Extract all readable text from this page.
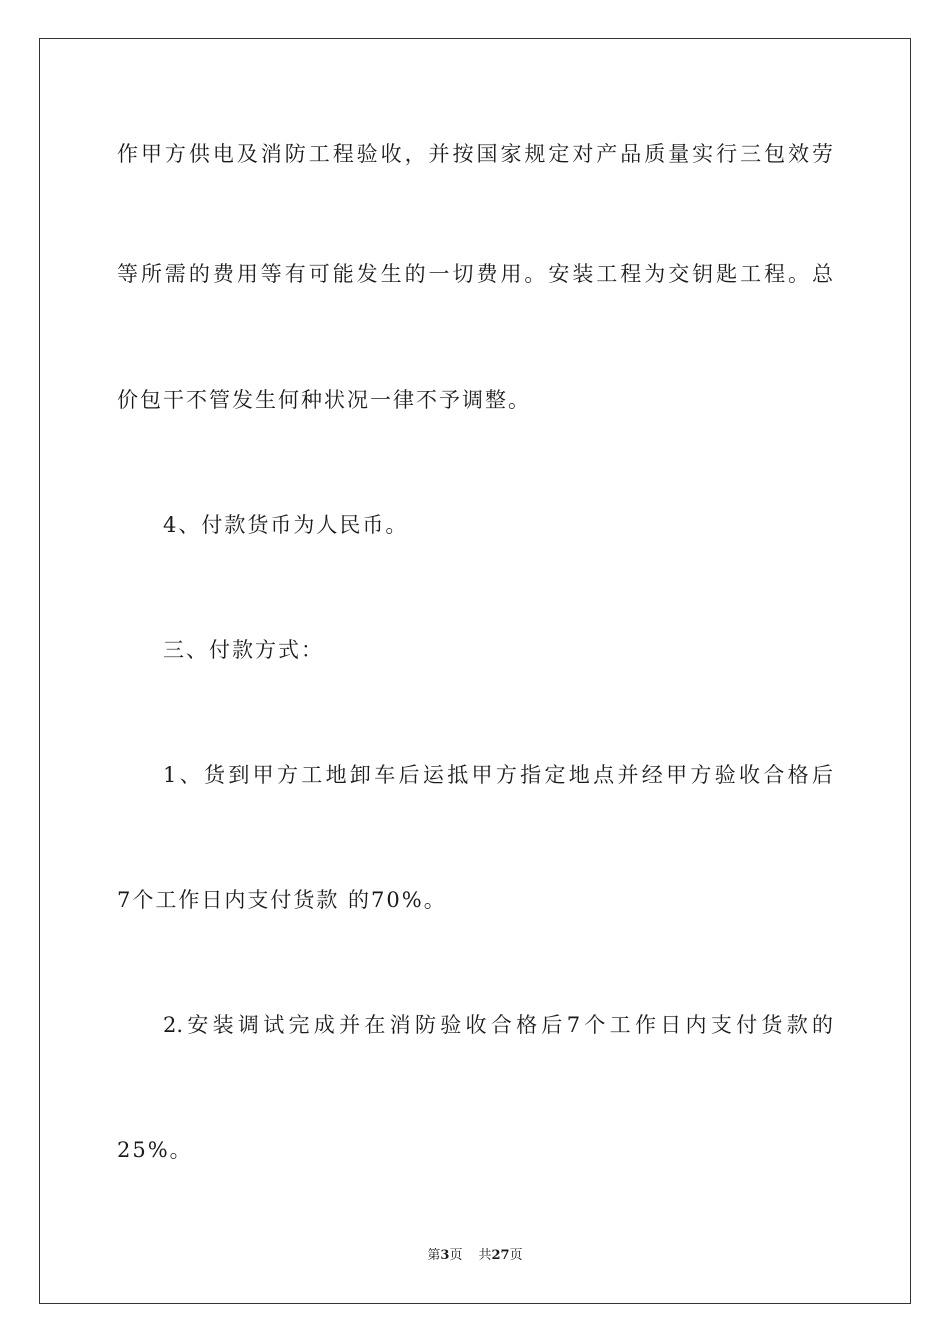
作甲方供电及消防工程验收，并按国家规定对产品质量实行三包效劳
等所需的费用等有可能发生的一切费用。安装工程为交钥匙工程。总
价包干不管发生何种状况一律不予调整。
4、付款货币为人民币。
三、付款方式：
1、货到甲方工地卸车后运抵甲方指定地点并经甲方验收合格后
7个工作日内支付货款 的70%。
2.安装调试完成并在消防验收合格后7个工作日内支付货款的
25%。
第3页 共27页
